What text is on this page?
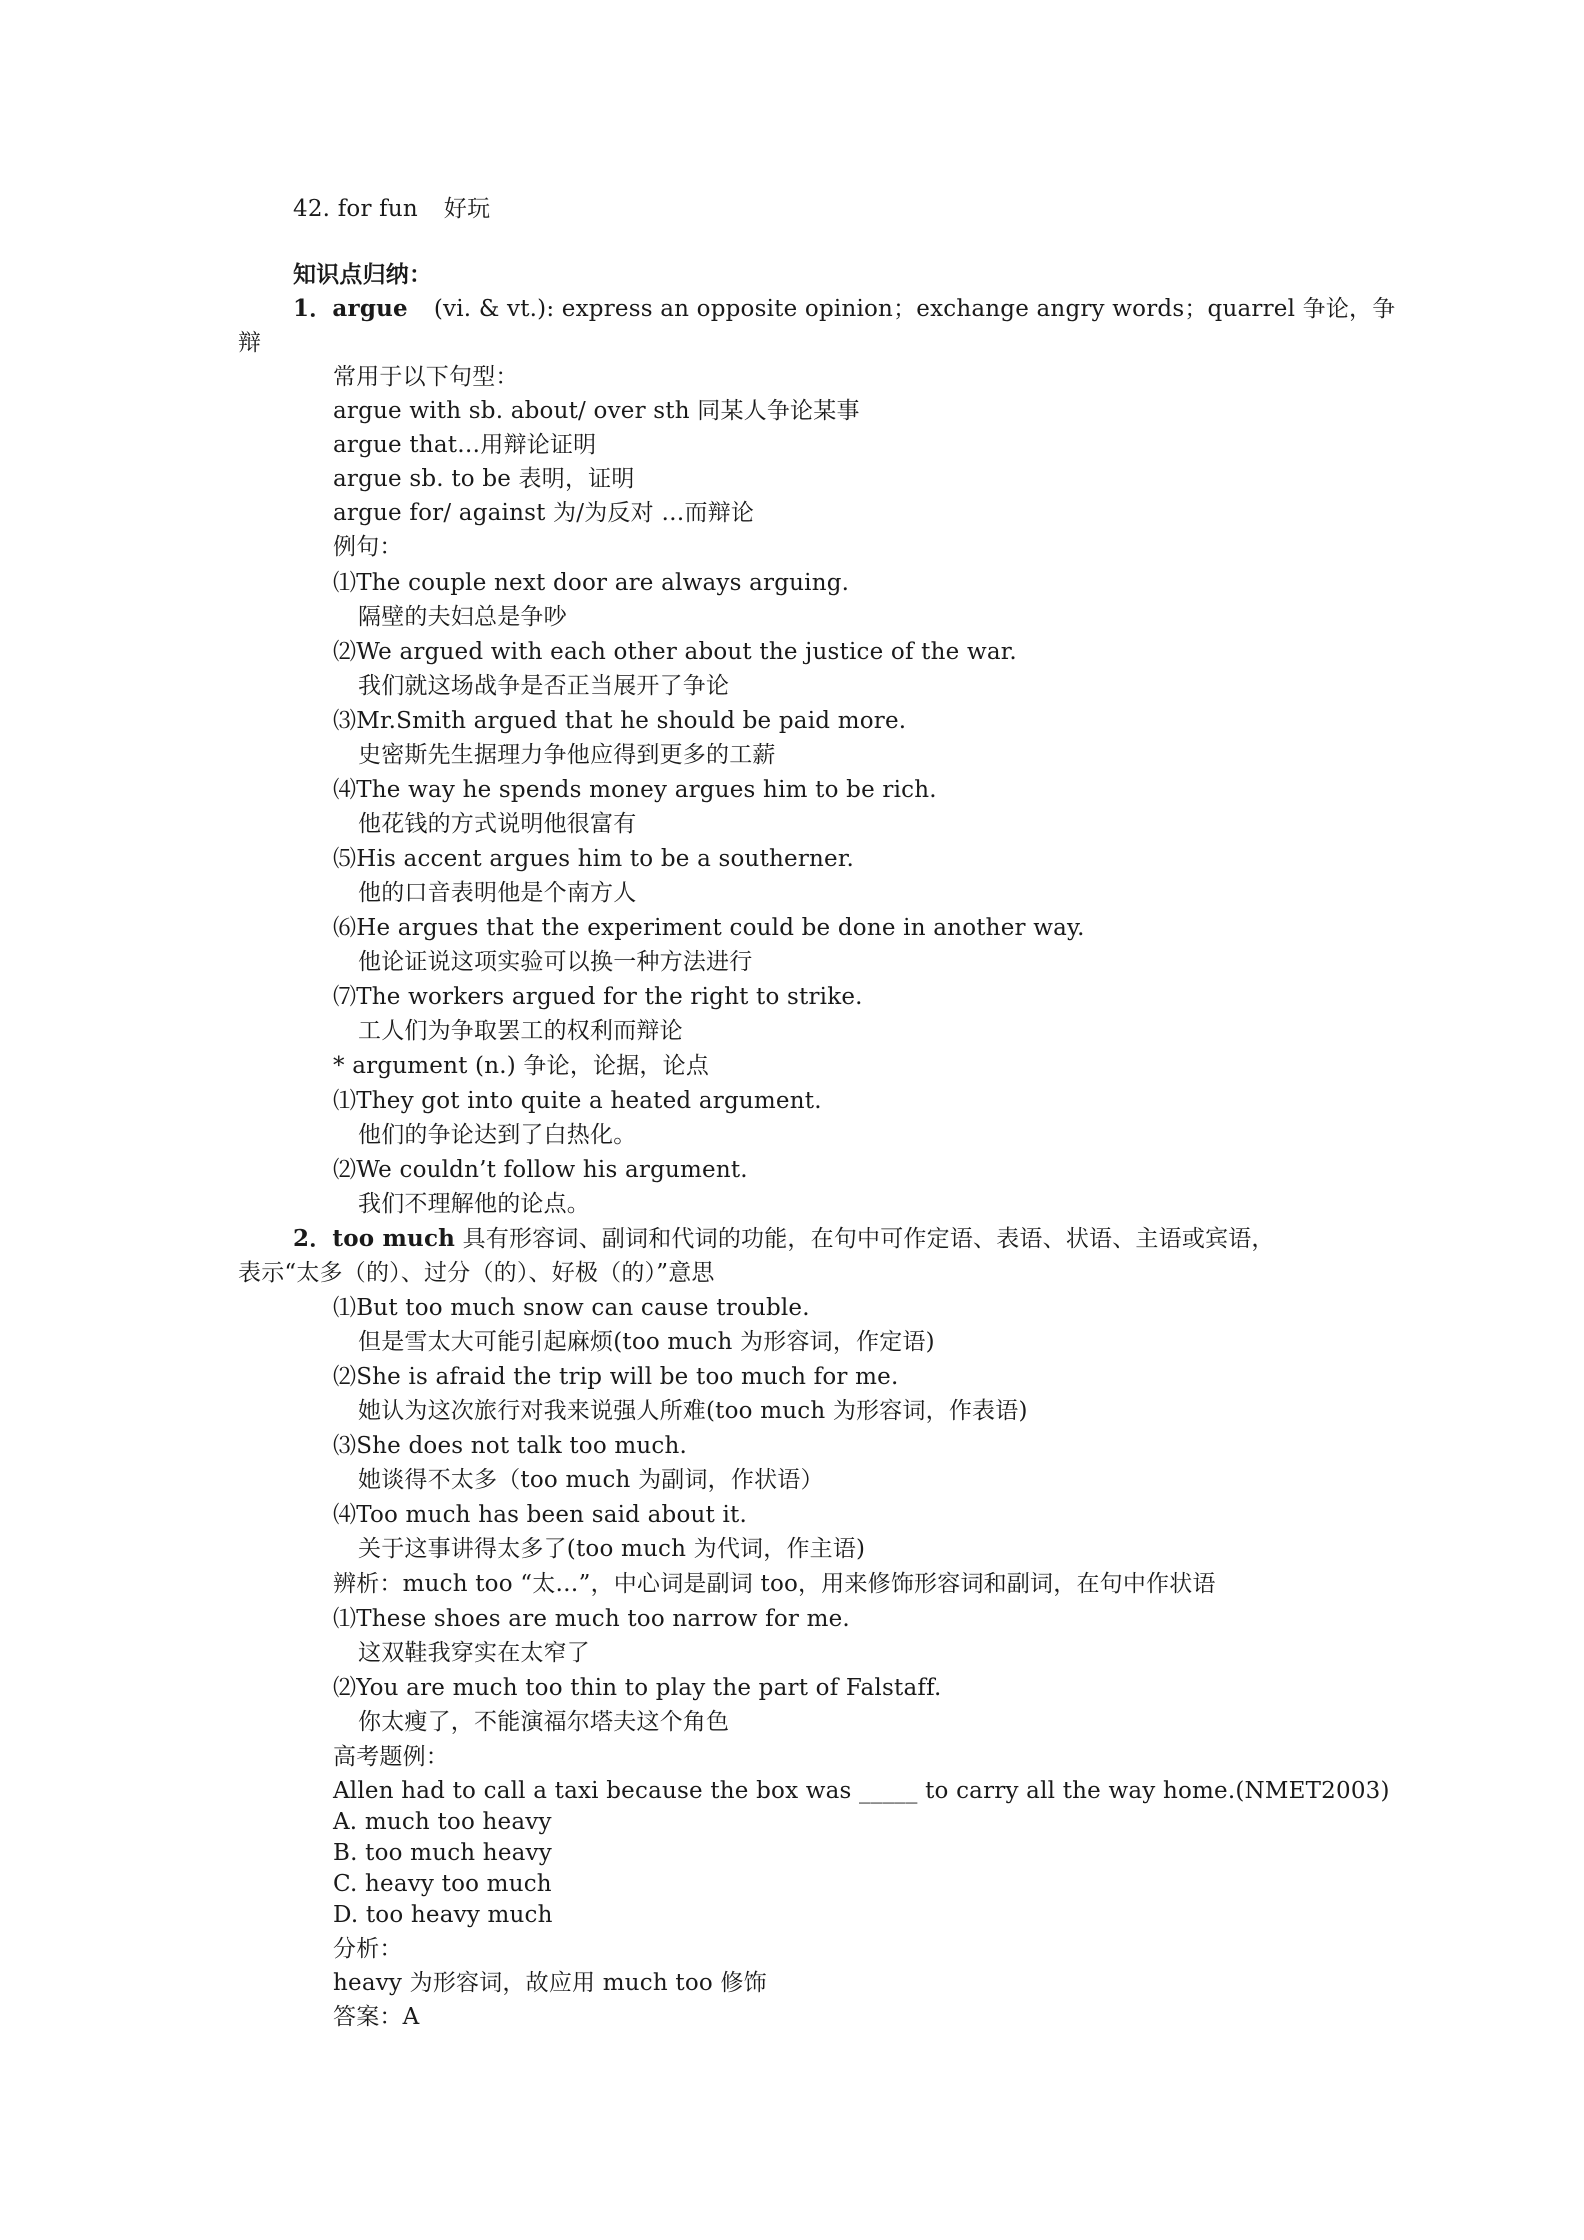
42. for fun 好玩
知识点归纳：
1．argue (vi. & vt.): express an opposite opinion；exchange angry words；quarrel 争论，争
辩
常用于以下句型：
argue with sb. about/ over sth 同某人争论某事
argue that…用辩论证明
argue sb. to be 表明，证明
argue for/ against 为/为反对 …而辩论
例句：
⑴The couple next door are always arguing.
隔壁的夫妇总是争吵
⑵We argued with each other about the justice of the war.
我们就这场战争是否正当展开了争论
⑶Mr.Smith argued that he should be paid more.
史密斯先生据理力争他应得到更多的工薪
⑷The way he spends money argues him to be rich.
他花钱的方式说明他很富有
⑸His accent argues him to be a southerner.
他的口音表明他是个南方人
⑹He argues that the experiment could be done in another way.
他论证说这项实验可以换一种方法进行
⑺The workers argued for the right to strike.
工人们为争取罢工的权利而辩论
* argument (n.) 争论，论据，论点
⑴They got into quite a heated argument.
他们的争论达到了白热化。
⑵We couldn’t follow his argument.
我们不理解他的论点。
2．too much 具有形容词、副词和代词的功能，在句中可作定语、表语、状语、主语或宾语，
表示“太多（的）、过分（的）、好极（的）”意思
⑴But too much snow can cause trouble.
但是雪太大可能引起麻烦(too much 为形容词，作定语)
⑵She is afraid the trip will be too much for me.
她认为这次旅行对我来说强人所难(too much 为形容词，作表语)
⑶She does not talk too much.
她谈得不太多（too much 为副词，作状语）
⑷Too much has been said about it.
关于这事讲得太多了(too much 为代词，作主语)
辨析：much too “太…”，中心词是副词 too，用来修饰形容词和副词，在句中作状语
⑴These shoes are much too narrow for me.
这双鞋我穿实在太窄了
⑵You are much too thin to play the part of Falstaff.
你太瘦了，不能演福尔塔夫这个角色
高考题例：
Allen had to call a taxi because the box was _____ to carry all the way home.(NMET2003)
A. much too heavy
B. too much heavy
C. heavy too much
D. too heavy much
分析：
heavy 为形容词，故应用 much too 修饰
答案：A
